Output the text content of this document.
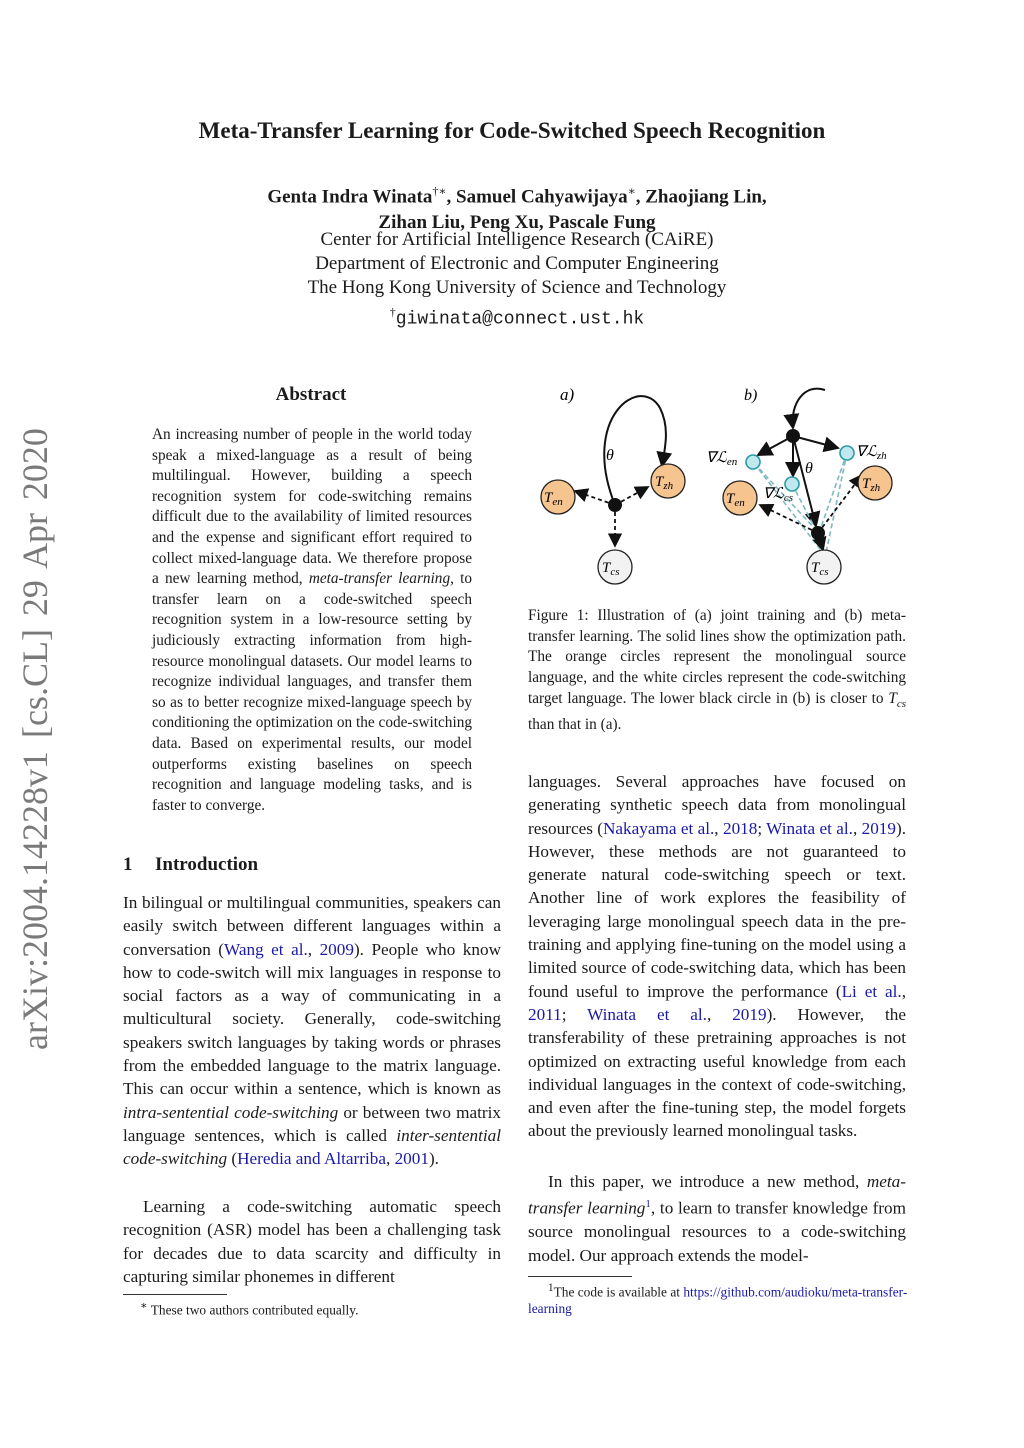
Meta-Transfer Learning for Code-Switched Speech Recognition
Genta Indra Winata†∗, Samuel Cahyawijaya∗, Zhaojiang Lin,
Zihan Liu, Peng Xu, Pascale Fung
Center for Artificial Intelligence Research (CAiRE)
Department of Electronic and Computer Engineering
The Hong Kong University of Science and Technology
†giwinata@connect.ust.hk
arXiv:2004.14228v1 [cs.CL] 29 Apr 2020
Abstract
An increasing number of people in the world today speak a mixed-language as a result of being multilingual. However, building a speech recognition system for code-switching remains difficult due to the availability of limited resources and the expense and significant effort required to collect mixed-language data. We therefore propose a new learning method, meta-transfer learning, to transfer learn on a code-switched speech recognition system in a low-resource setting by judiciously extracting information from high-resource monolingual datasets. Our model learns to recognize individual languages, and transfer them so as to better recognize mixed-language speech by conditioning the optimization on the code-switching data. Based on experimental results, our model outperforms existing baselines on speech recognition and language modeling tasks, and is faster to converge.
1 Introduction
In bilingual or multilingual communities, speakers can easily switch between different languages within a conversation (Wang et al., 2009). People who know how to code-switch will mix languages in response to social factors as a way of communicating in a multicultural society. Generally, code-switching speakers switch languages by taking words or phrases from the embedded language to the matrix language. This can occur within a sentence, which is known as intra-sentential code-switching or between two matrix language sentences, which is called inter-sentential code-switching (Heredia and Altarriba, 2001).
Learning a code-switching automatic speech recognition (ASR) model has been a challenging task for decades due to data scarcity and difficulty in capturing similar phonemes in different
∗ These two authors contributed equally.
a)	b)
θ
$T_{en}$
$T_{zh}$
$T_{cs}$
∇ℒ$_{en}$
∇ℒ$_{cs}$
∇ℒ$_{zh}$
θ
$T_{en}$
$T_{zh}$
$T_{cs}$
Figure 1: Illustration of (a) joint training and (b) meta-transfer learning. The solid lines show the optimization path. The orange circles represent the monolingual source language, and the white circles represent the code-switching target language. The lower black circle in (b) is closer to $T_{cs}$ than that in (a).
languages. Several approaches have focused on generating synthetic speech data from monolingual resources (Nakayama et al., 2018; Winata et al., 2019). However, these methods are not guaranteed to generate natural code-switching speech or text. Another line of work explores the feasibility of leveraging large monolingual speech data in the pre-training and applying fine-tuning on the model using a limited source of code-switching data, which has been found useful to improve the performance (Li et al., 2011; Winata et al., 2019). However, the transferability of these pretraining approaches is not optimized on extracting useful knowledge from each individual languages in the context of code-switching, and even after the fine-tuning step, the model forgets about the previously learned monolingual tasks.
In this paper, we introduce a new method, meta-transfer learning$^1$, to learn to transfer knowledge from source monolingual resources to a code-switching model. Our approach extends the model-
$^1$The code is available at https://github.com/audioku/meta-transfer-learning
